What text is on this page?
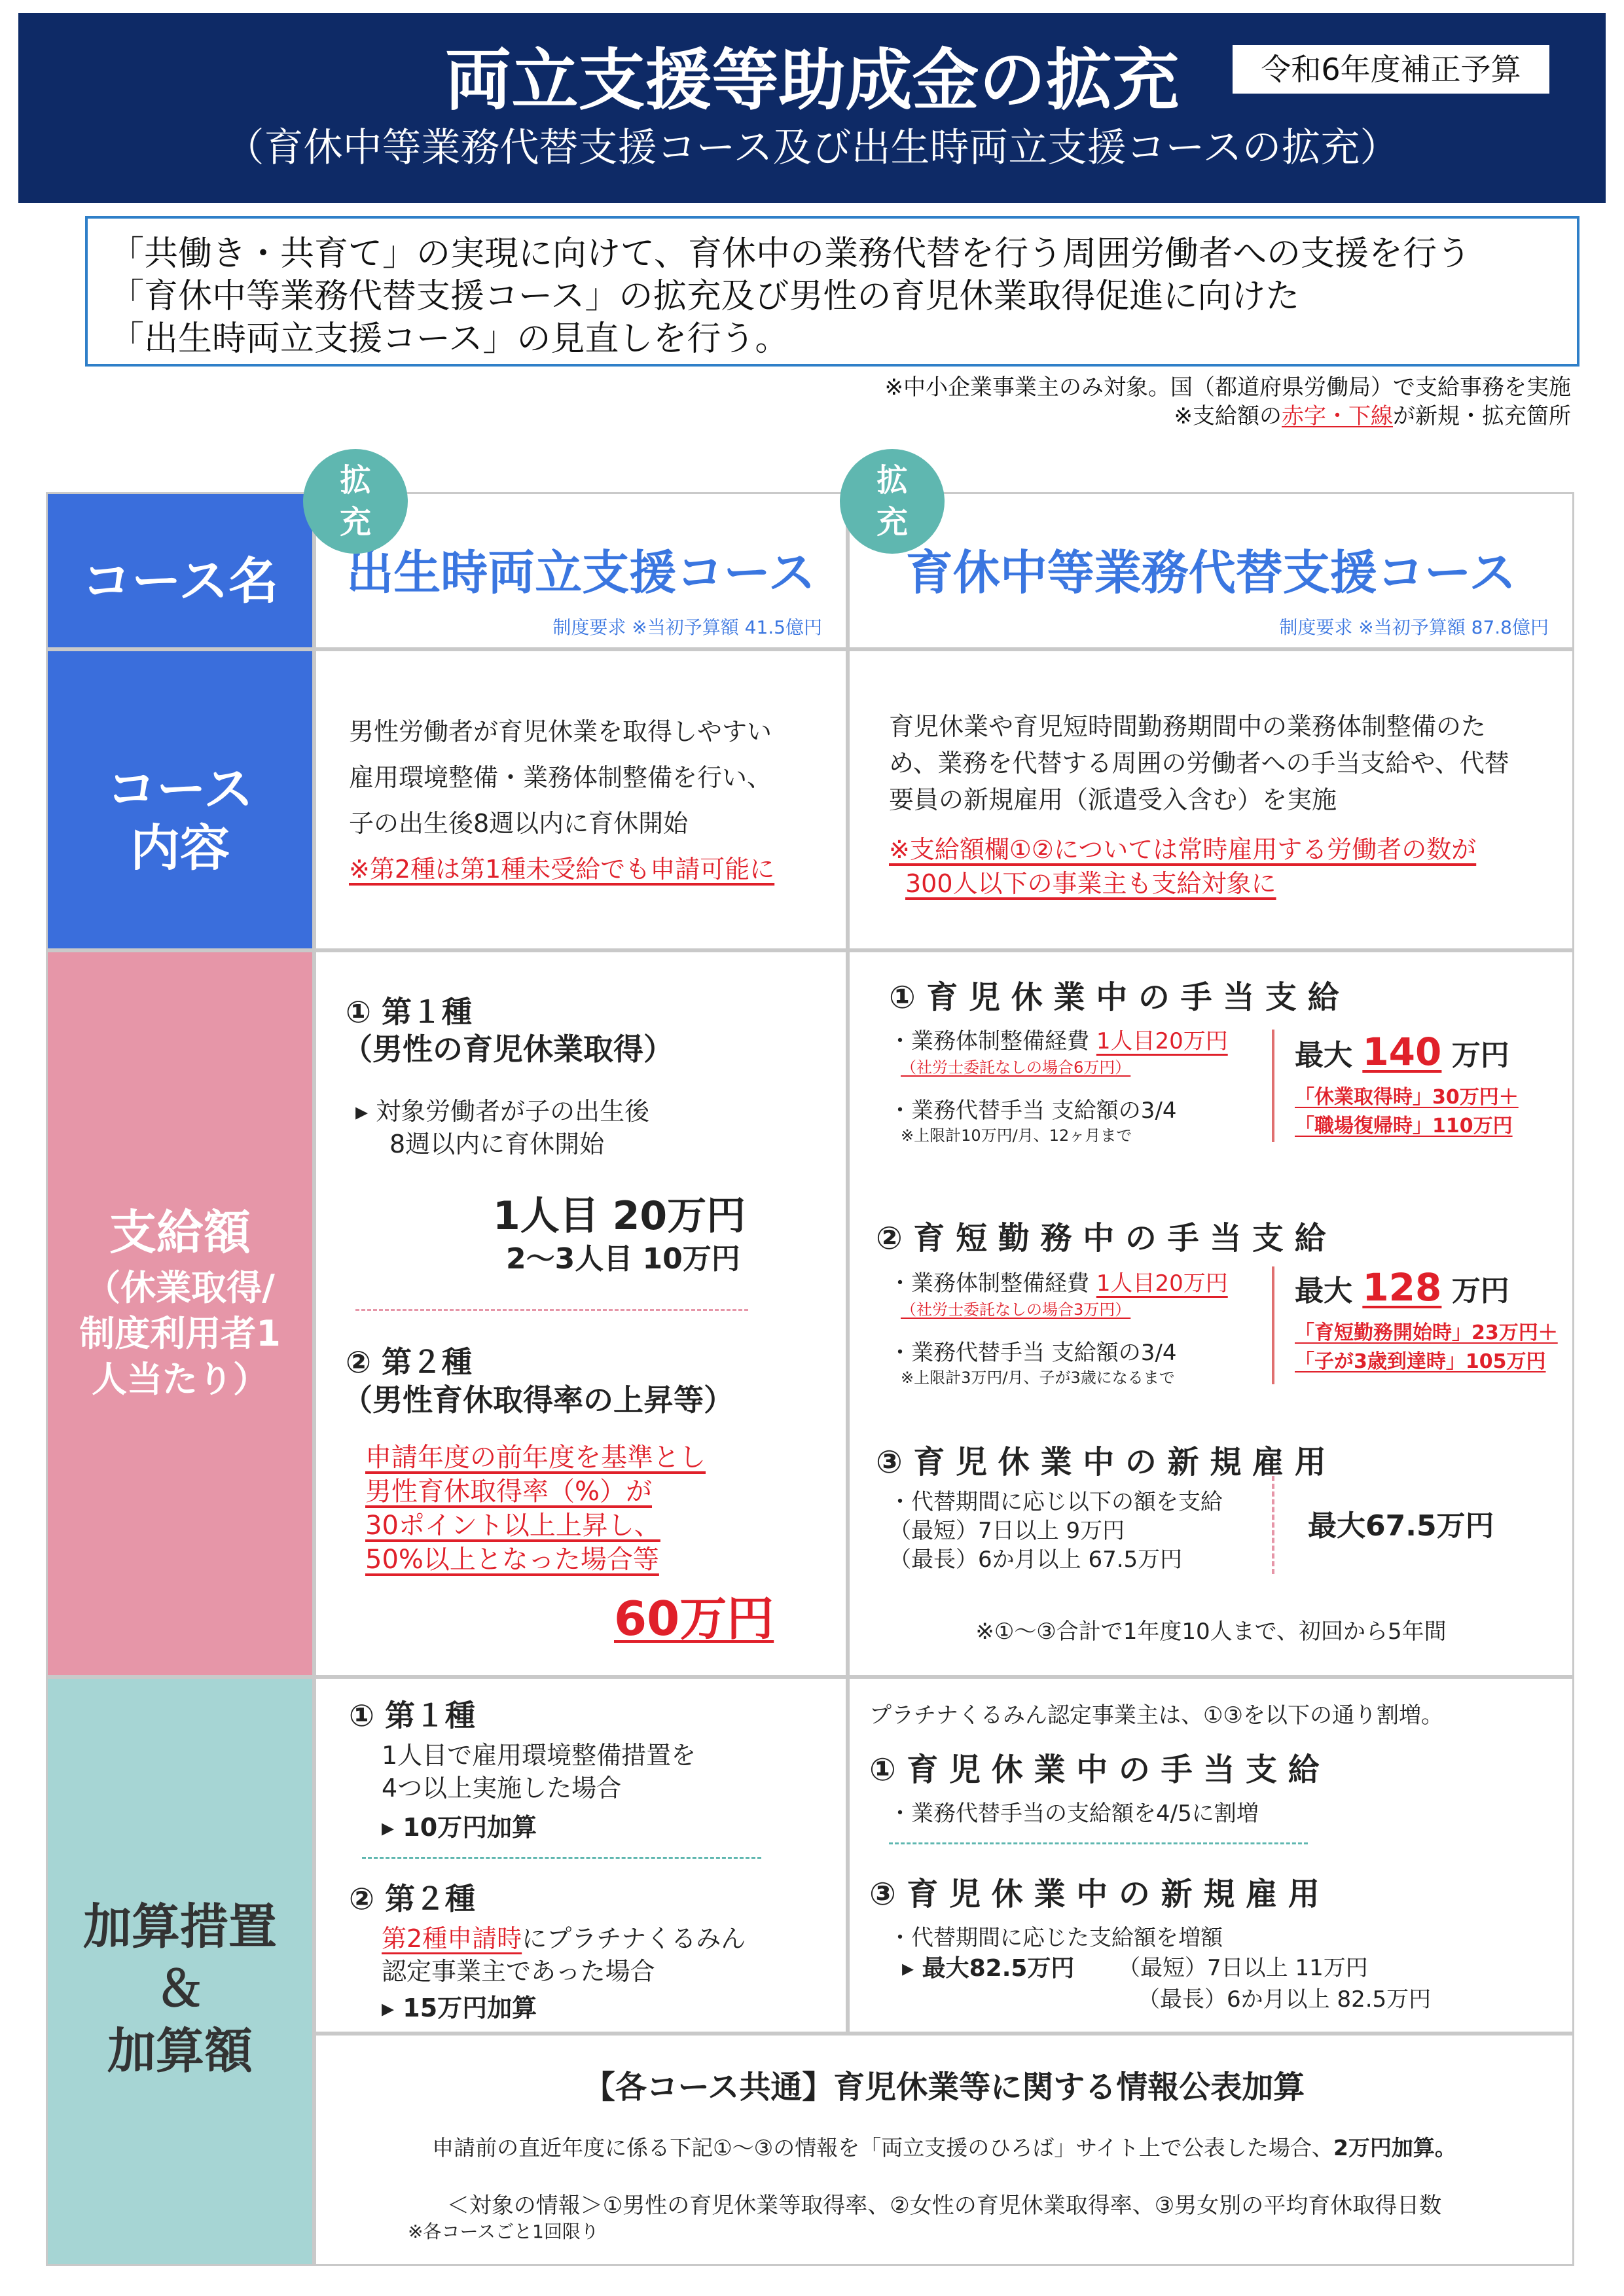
両立支援等助成金の拡充
（育休中等業務代替支援コース及び出生時両立支援コースの拡充）
令和6年度補正予算
「共働き・共育て」の実現に向けて、育休中の業務代替を行う周囲労働者への支援を行う
「育休中等業務代替支援コース」の拡充及び男性の育児休業取得促進に向けた
「出生時両立支援コース」の見直しを行う。
※中小企業事業主のみ対象。国（都道府県労働局）で支給事務を実施
※支給額の赤字・下線が新規・拡充箇所
コース名
コース
内容
支給額
（休業取得/
制度利用者1
人当たり）
加算措置
＆
加算額
出生時両立支援コース
制度要求 ※当初予算額 41.5億円
育休中等業務代替支援コース
制度要求 ※当初予算額 87.8億円
拡
充
拡
充
男性労働者が育児休業を取得しやすい
雇用環境整備・業務体制整備を行い、
子の出生後8週以内に育休開始
※第2種は第1種未受給でも申請可能に
育児休業や育児短時間勤務期間中の業務体制整備のた
め、業務を代替する周囲の労働者への手当支給や、代替
要員の新規雇用（派遣受入含む）を実施
※支給額欄①②については常時雇用する労働者の数が
300人以下の事業主も支給対象に
① 第１種
（男性の育児休業取得）
▸ 対象労働者が子の出生後
8週以内に育休開始
1人目 20万円
2～3人目 10万円
② 第２種
（男性育休取得率の上昇等）
申請年度の前年度を基準とし
男性育休取得率（%）が
30ポイント以上上昇し、
50%以上となった場合等
60万円
① 育 児 休 業 中 の 手 当 支 給
・業務体制整備経費 1人目20万円
（社労士委託なしの場合6万円）
・業務代替手当 支給額の3/4
※上限計10万円/月、12ヶ月まで
最大 140 万円
「休業取得時」30万円＋
「職場復帰時」110万円
② 育 短 勤 務 中 の 手 当 支 給
・業務体制整備経費 1人目20万円
（社労士委託なしの場合3万円）
・業務代替手当 支給額の3/4
※上限計3万円/月、子が3歳になるまで
最大 128 万円
「育短勤務開始時」23万円＋
「子が3歳到達時」105万円
③ 育 児 休 業 中 の 新 規 雇 用
・代替期間に応じ以下の額を支給
（最短）7日以上 9万円
（最長）6か月以上 67.5万円
最大67.5万円
※①～③合計で1年度10人まで、初回から5年間
① 第１種
1人目で雇用環境整備措置を
4つ以上実施した場合
▸ 10万円加算
② 第２種
第2種申請時にプラチナくるみん
認定事業主であった場合
▸ 15万円加算
プラチナくるみん認定事業主は、①③を以下の通り割増。
① 育 児 休 業 中 の 手 当 支 給
・業務代替手当の支給額を4/5に割増
③ 育 児 休 業 中 の 新 規 雇 用
・代替期間に応じた支給額を増額
▸ 最大82.5万円 （最短）7日以上 11万円
（最長）6か月以上 82.5万円
【各コース共通】育児休業等に関する情報公表加算
申請前の直近年度に係る下記①～③の情報を「両立支援のひろば」サイト上で公表した場合、2万円加算。
＜対象の情報＞①男性の育児休業等取得率、②女性の育児休業取得率、③男女別の平均育休取得日数
※各コースごと1回限り
